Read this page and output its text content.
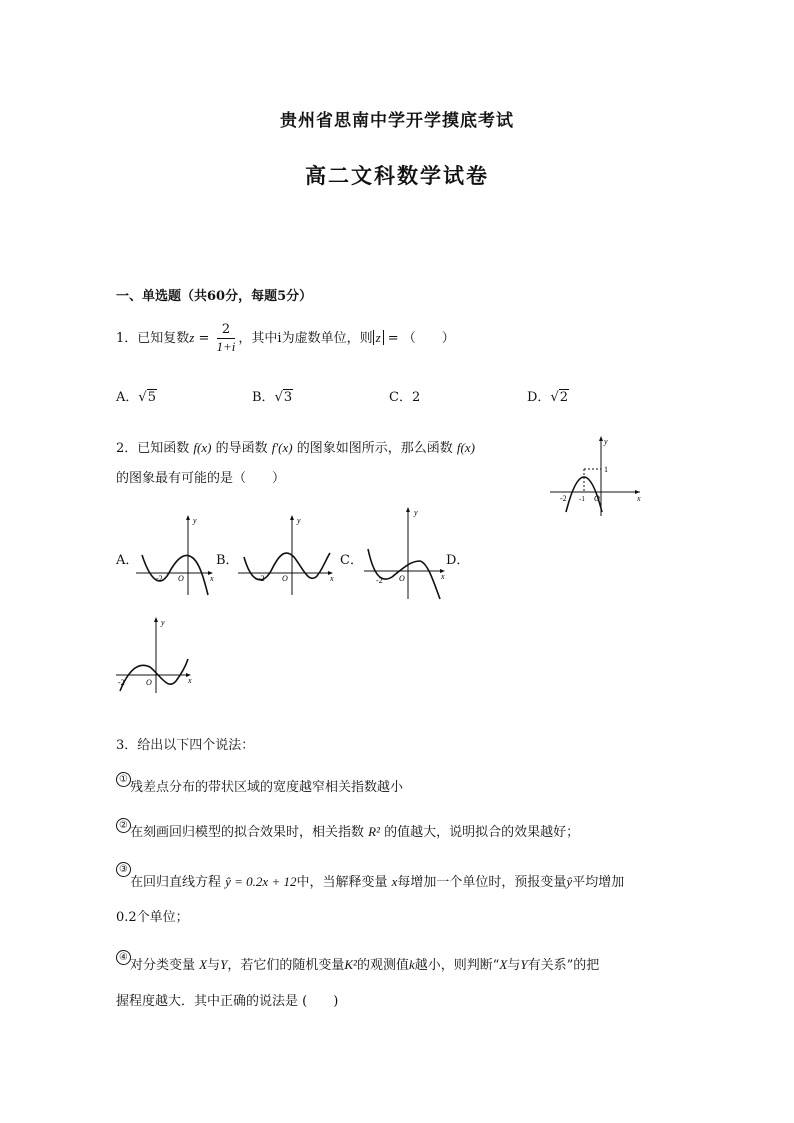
贵州省思南中学开学摸底考试
高二文科数学试卷
一、单选题（共60分，每题5分）
1．已知复数$z = \frac{2}{1+i}$ ，其中i为虚数单位，则 z = （　　）
A．√5	B．√3	C．2	D．√2
2．已知函数 f(x) 的导函数 f′(x) 的图象如图所示，那么函数 f(x)
的图象最有可能的是（　　）
y
x
1
-2 -1 O
A．
y
x
-2 O
B．
y
x
-2 O
C．
y
x
-2 O
D．
y
x
-2	O
3．给出以下四个说法：
①
残差点分布的带状区域的宽度越窄相关指数越小
② 在刻画回归模型的拟合效果时，相关指数 R² 的值越大，说明拟合的效果越好；
③
在回归直线方程 ŷ = 0.2x + 12中，当解释变量 x每增加一个单位时，预报变量ŷ平均增加
0.2个单位；
④
对分类变量 X与Y，若它们的随机变量K²的观测值k越小，则判断“X与Y有关系”的把
握程度越大．其中正确的说法是 (　　)
